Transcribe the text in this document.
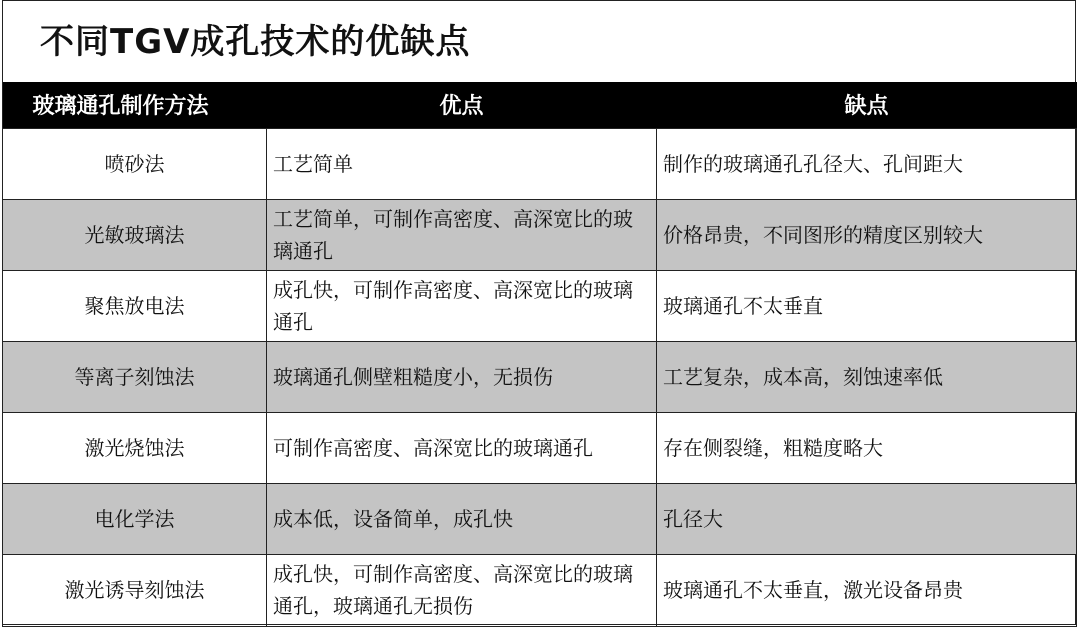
不同TGV成孔技术的优缺点
玻璃通孔制作方法	优点	缺点
喷砂法	工艺简单	制作的玻璃通孔孔径大、孔间距大
光敏玻璃法	工艺简单，可制作高密度、高深宽比的玻璃通孔	价格昂贵，不同图形的精度区别较大
聚焦放电法	成孔快，可制作高密度、高深宽比的玻璃通孔	玻璃通孔不太垂直
等离子刻蚀法	玻璃通孔侧壁粗糙度小，无损伤	工艺复杂，成本高，刻蚀速率低
激光烧蚀法	可制作高密度、高深宽比的玻璃通孔	存在侧裂缝，粗糙度略大
电化学法	成本低，设备简单，成孔快	孔径大
激光诱导刻蚀法	成孔快，可制作高密度、高深宽比的玻璃通孔，玻璃通孔无损伤	玻璃通孔不太垂直，激光设备昂贵
